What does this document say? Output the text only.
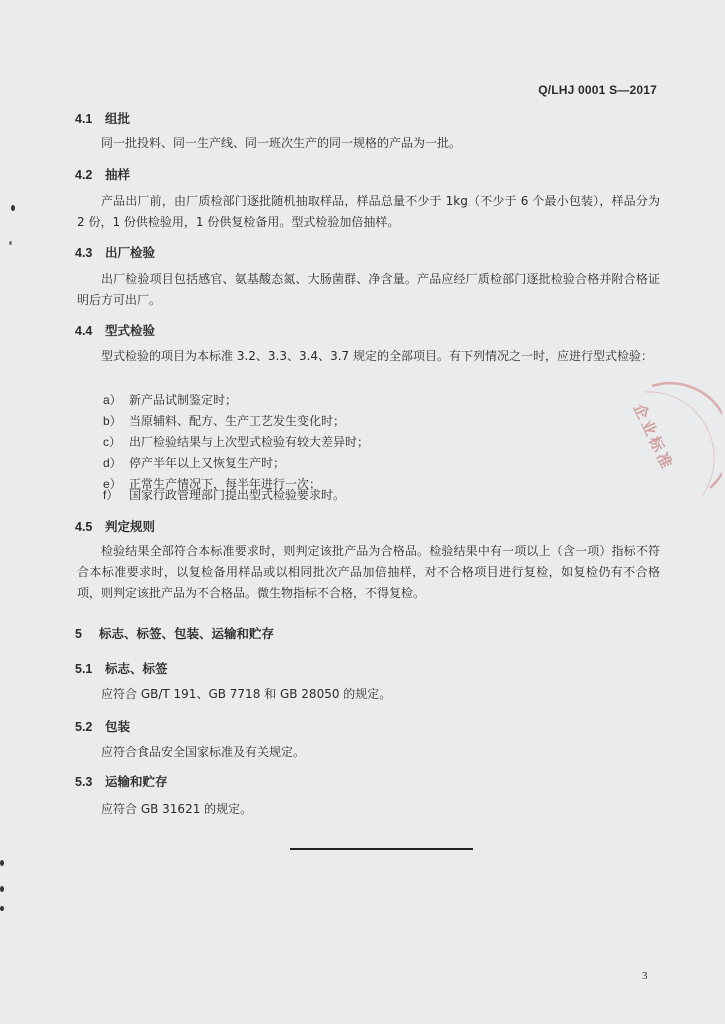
Q/LHJ 0001 S—2017
4.1 组批
同一批投料、同一生产线、同一班次生产的同一规格的产品为一批。
4.2 抽样
产品出厂前，由厂质检部门逐批随机抽取样品，样品总量不少于 1kg（不少于 6 个最小包装），样品分为 2 份，1 份供检验用，1 份供复检备用。型式检验加倍抽样。
4.3 出厂检验
出厂检验项目包括感官、氨基酸态氮、大肠菌群、净含量。产品应经厂质检部门逐批检验合格并附合格证明后方可出厂。
4.4 型式检验
型式检验的项目为本标准 3.2、3.3、3.4、3.7 规定的全部项目。有下列情况之一时，应进行型式检验：
a） 新产品试制鉴定时；
b） 当原辅料、配方、生产工艺发生变化时；
c） 出厂检验结果与上次型式检验有较大差异时；
d） 停产半年以上又恢复生产时；
e） 正常生产情况下，每半年进行一次；
f） 国家行政管理部门提出型式检验要求时。
4.5 判定规则
检验结果全部符合本标准要求时，则判定该批产品为合格品。检验结果中有一项以上（含一项）指标不符合本标准要求时，以复检备用样品或以相同批次产品加倍抽样，对不合格项目进行复检，如复检仍有不合格项，则判定该批产品为不合格品。微生物指标不合格，不得复检。
5 标志、标签、包装、运输和贮存
5.1 标志、标签
应符合 GB/T 191、GB 7718 和 GB 28050 的规定。
5.2 包装
应符合食品安全国家标准及有关规定。
5.3 运输和贮存
应符合 GB 31621 的规定。
3
企业标准
